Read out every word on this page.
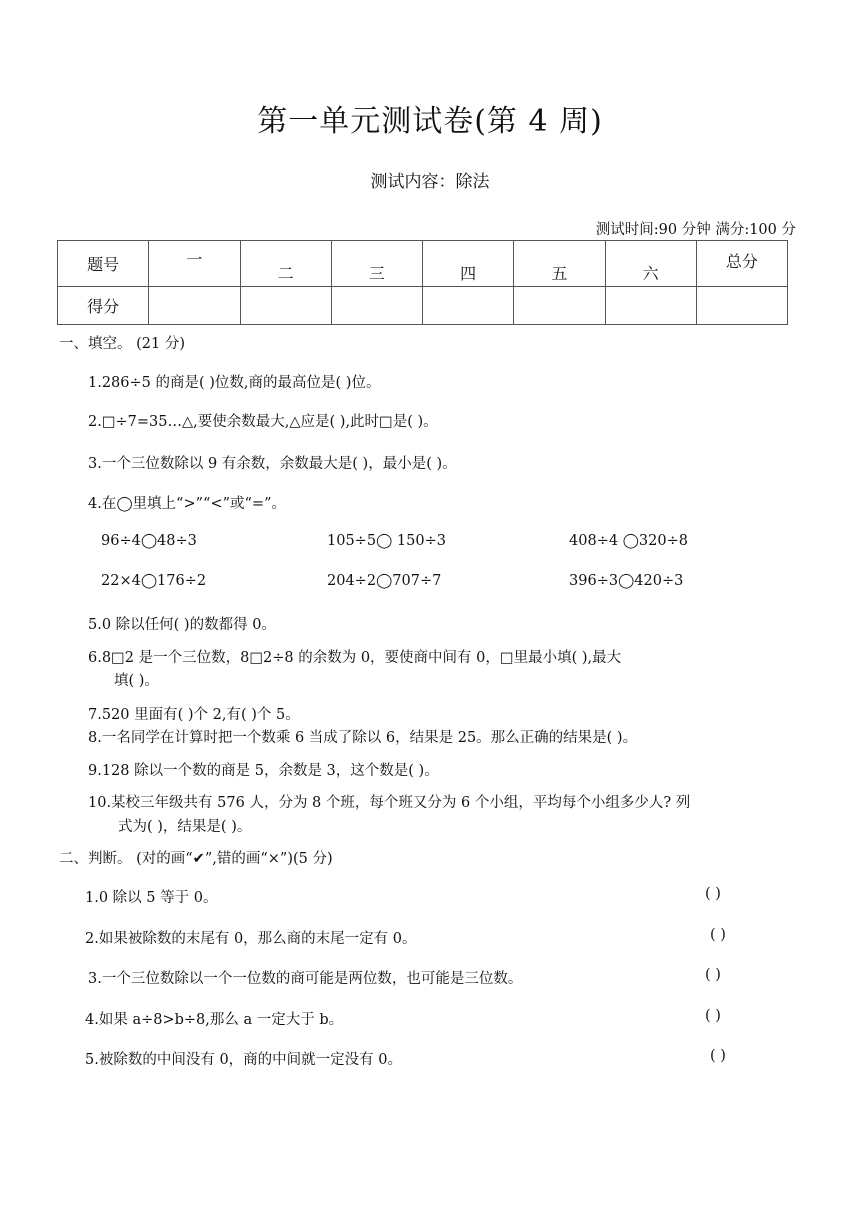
第一单元测试卷(第 4 周)
测试内容：除法
测试时间:90 分钟 满分:100 分
题号	一	二	三	四	五	六	总分
得分							
一、填空。 (21 分)
1.286÷5 的商是( )位数,商的最高位是( )位。
2.□÷7=35…△,要使余数最大,△应是( ),此时□是( )。
3.一个三位数除以 9 有余数，余数最大是( )，最小是( )。
4.在◯里填上“>”“<”或“=”。
96÷4◯48÷3	105÷5◯ 150÷3	408÷4 ◯320÷8
22×4◯176÷2	204÷2◯707÷7	396÷3◯420÷3
5.0 除以任何( )的数都得 0。
6.8□2 是一个三位数，8□2÷8 的余数为 0，要使商中间有 0，□里最小填( ),最大
填( )。
7.520 里面有( )个 2,有( )个 5。
8.一名同学在计算时把一个数乘 6 当成了除以 6，结果是 25。那么正确的结果是( )。
9.128 除以一个数的商是 5，余数是 3，这个数是( )。
10.某校三年级共有 576 人，分为 8 个班，每个班又分为 6 个小组，平均每个小组多少人? 列
式为( )，结果是( )。
二、判断。 (对的画“✔”,错的画“×”)(5 分)
1.0 除以 5 等于 0。	( )
2.如果被除数的末尾有 0，那么商的末尾一定有 0。	( )
3.一个三位数除以一个一位数的商可能是两位数，也可能是三位数。	( )
4.如果 a÷8>b÷8,那么 a 一定大于 b。	( )
5.被除数的中间没有 0，商的中间就一定没有 0。	( )
